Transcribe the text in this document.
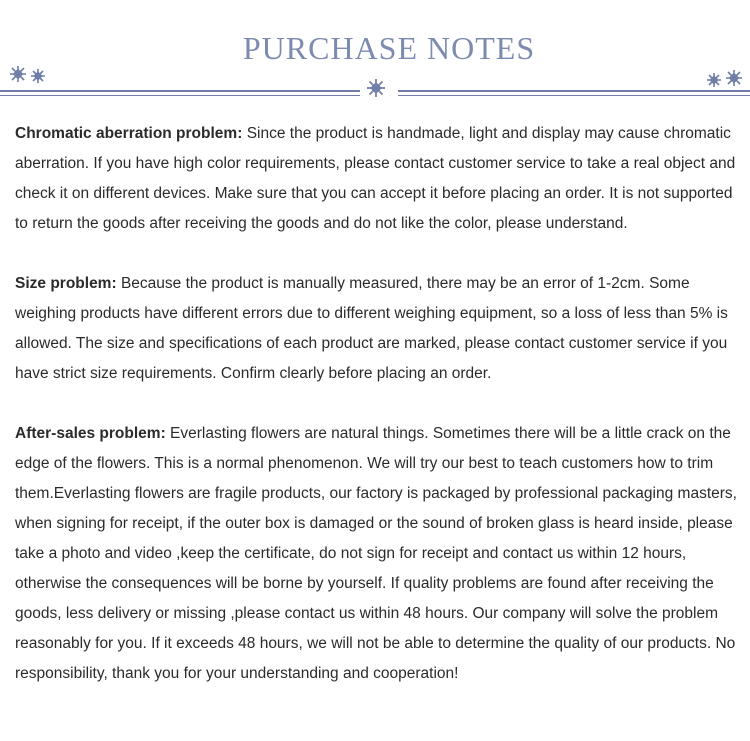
PURCHASE NOTES

Chromatic aberration problem: Since the product is handmade, light and display may cause chromatic aberration. If you have high color requirements, please contact customer service to take a real object and check it on different devices. Make sure that you can accept it before placing an order. It is not supported to return the goods after receiving the goods and do not like the color, please understand.

Size problem: Because the product is manually measured, there may be an error of 1-2cm. Some weighing products have different errors due to different weighing equipment, so a loss of less than 5% is allowed. The size and specifications of each product are marked, please contact customer service if you have strict size requirements. Confirm clearly before placing an order.

After-sales problem: Everlasting flowers are natural things. Sometimes there will be a little crack on the edge of the flowers. This is a normal phenomenon. We will try our best to teach customers how to trim them.Everlasting flowers are fragile products, our factory is packaged by professional packaging masters, when signing for receipt, if the outer box is damaged or the sound of broken glass is heard inside, please take a photo and video ,keep the certificate, do not sign for receipt and contact us within 12 hours, otherwise the consequences will be borne by yourself. If quality problems are found after receiving the goods, less delivery or missing ,please contact us within 48 hours. Our company will solve the problem reasonably for you. If it exceeds 48 hours, we will not be able to determine the quality of our products. No responsibility, thank you for your understanding and cooperation!
